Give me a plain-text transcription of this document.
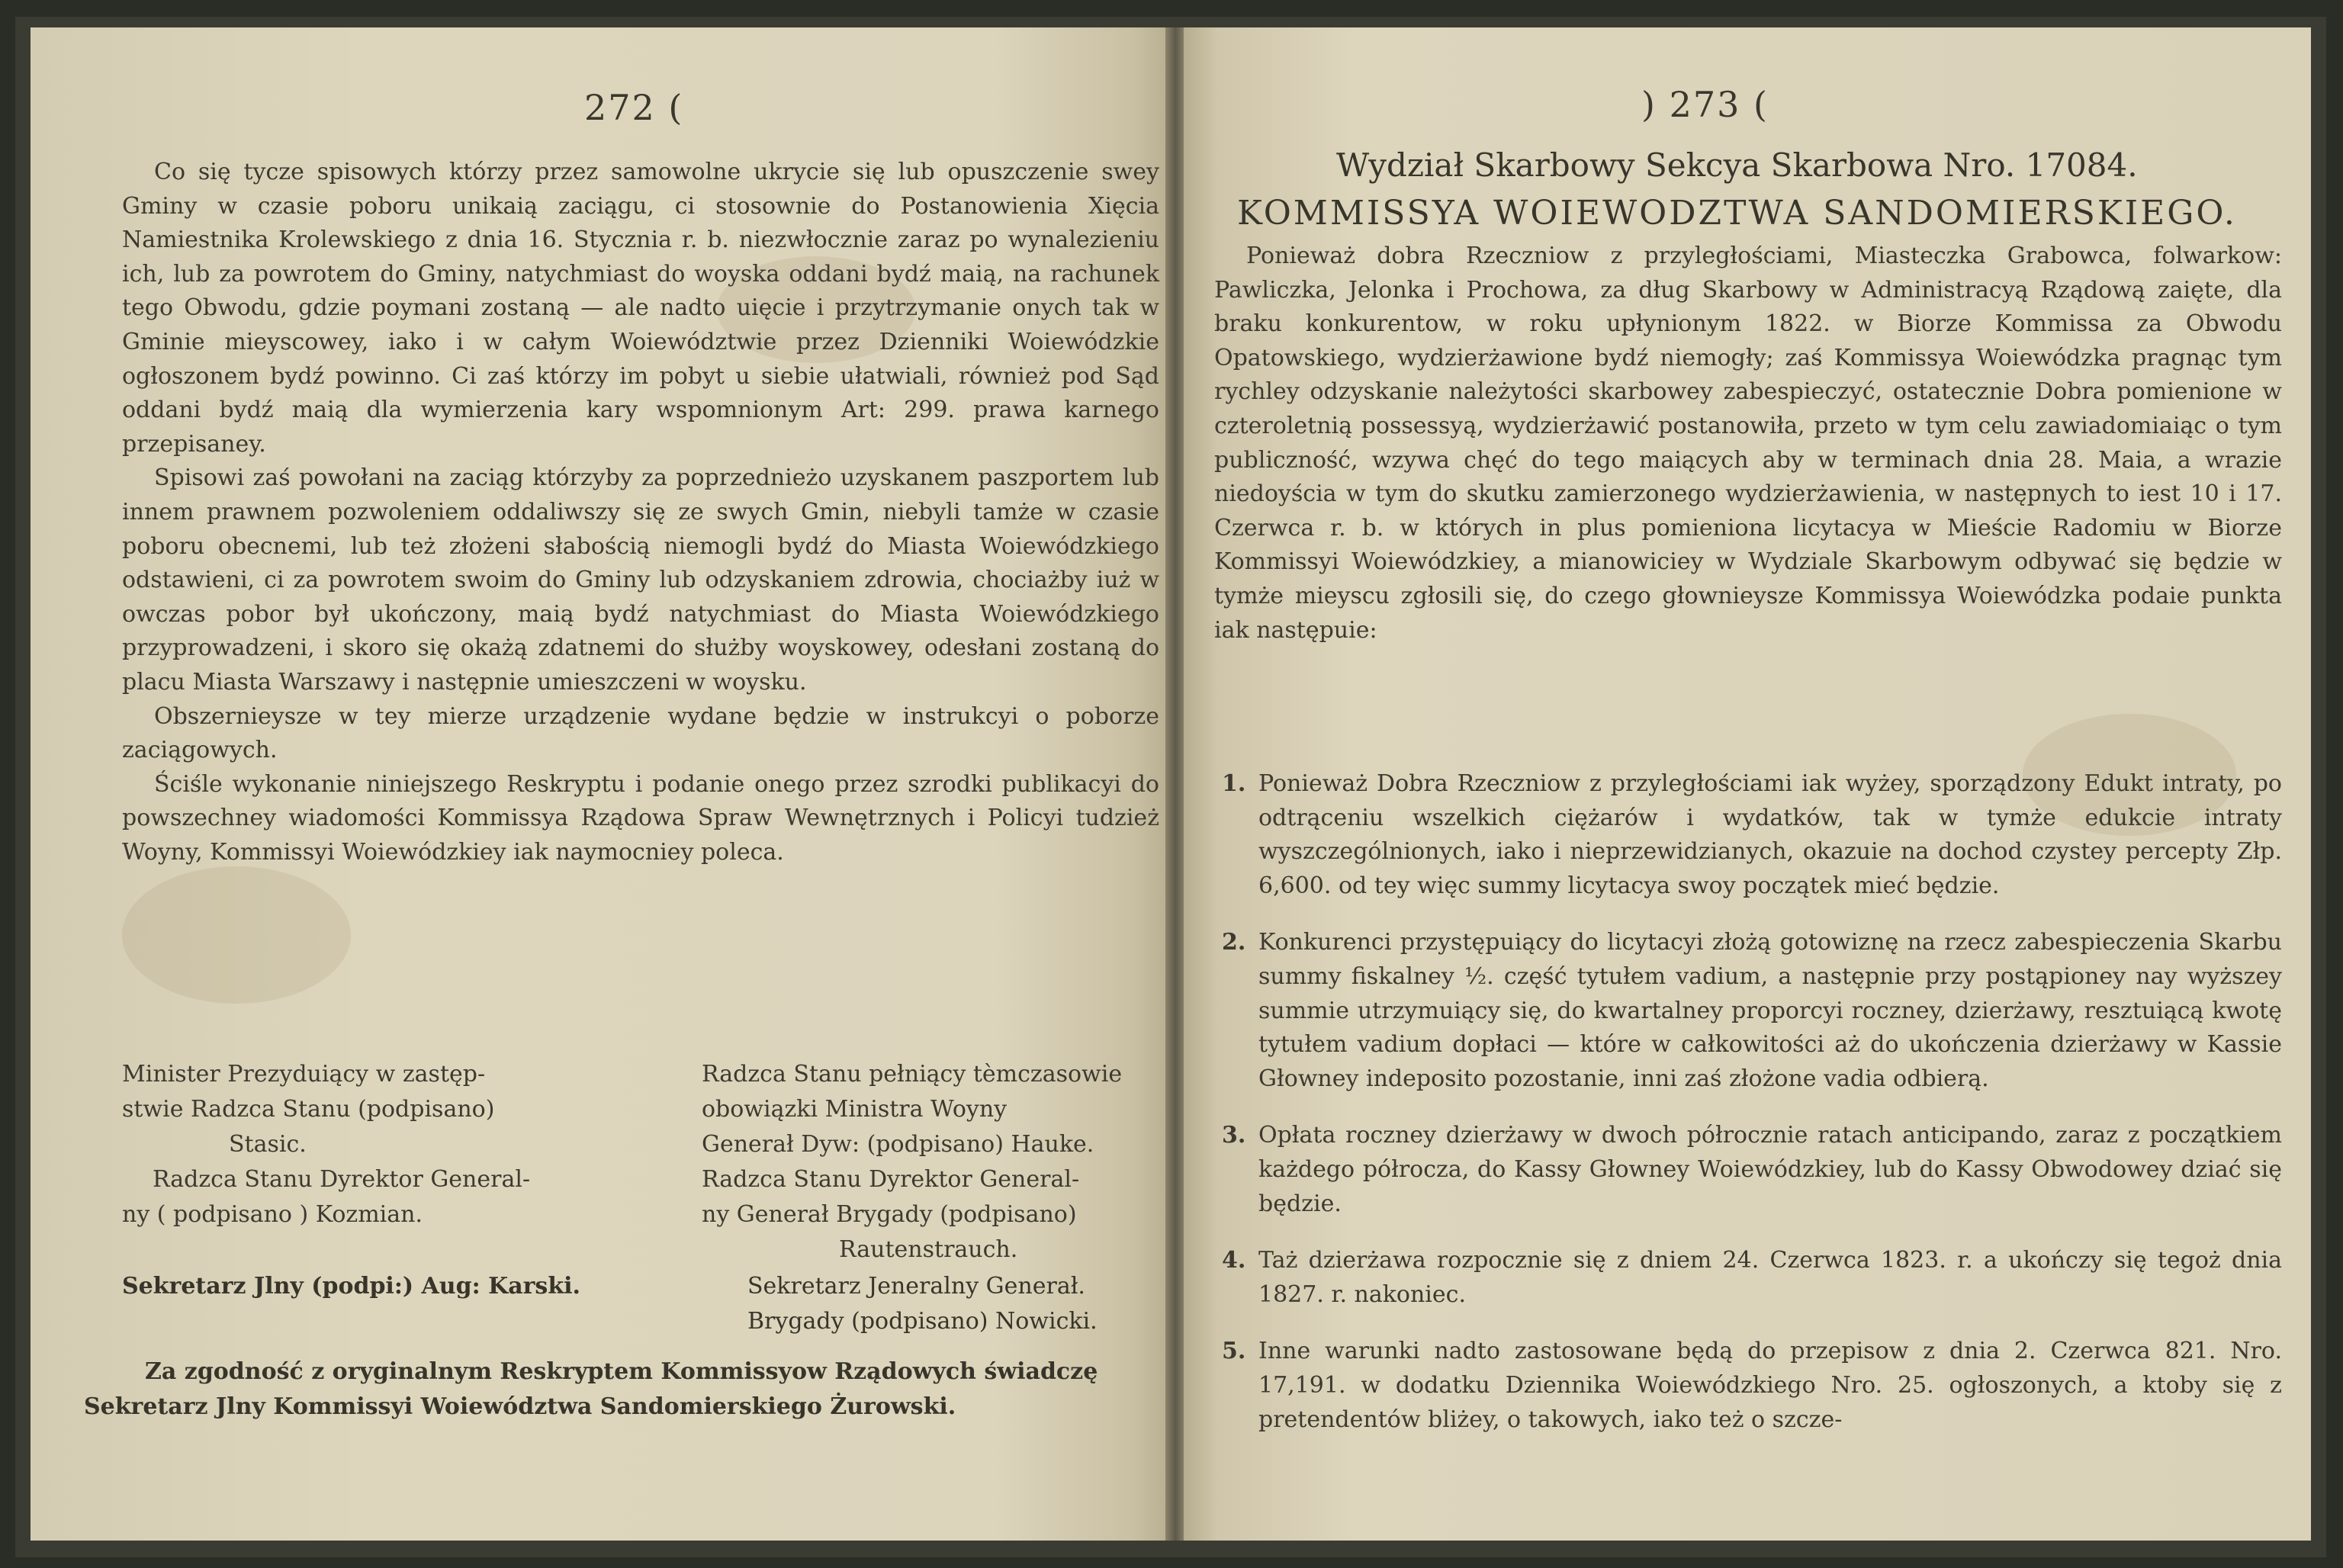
272 (

Co się tycze spisowych którzy przez samowolne ukrycie się lub opuszczenie swey Gminy w czasie poboru unikaią zaciągu, ci stosownie do Postanowienia Xięcia Namiestnika Krolewskiego z dnia 16. Stycznia r. b. niezwłocznie zaraz po wynalezieniu ich, lub za powrotem do Gminy, natychmiast do woyska oddani bydź maią, na rachunek tego Obwodu, gdzie poymani zostaną — ale nadto uięcie i przytrzymanie onych tak w Gminie mieyscowey, iako i w całym Woiewództwie przez Dzienniki Woiewódzkie ogłoszonem bydź powinno. Ci zaś którzy im pobyt u siebie ułatwiali, również pod Sąd oddani bydź maią dla wymierzenia kary wspomnionym Art: 299. prawa karnego przepisaney.

Spisowi zaś powołani na zaciąg którzyby za poprzednieżo uzyskanem paszportem lub innem prawnem pozwoleniem oddaliwszy się ze swych Gmin, niebyli tamże w czasie poboru obecnemi, lub też złożeni słabością niemogli bydź do Miasta Woiewódzkiego odstawieni, ci za powrotem swoim do Gminy lub odzyskaniem zdrowia, chociażby iuż w owczas pobor był ukończony, maią bydź natychmiast do Miasta Woiewódzkiego przyprowadzeni, i skoro się okażą zdatnemi do służby woyskowey, odesłani zostaną do placu Miasta Warszawy i następnie umieszczeni w woysku.

Obszernieysze w tey mierze urządzenie wydane będzie w instrukcyi o poborze zaciągowych.

Ściśle wykonanie niniejszego Reskryptu i podanie onego przez szrodki publikacyi do powszechney wiadomości Kommissya Rządowa Spraw Wewnętrznych i Policyi tudzież Woyny, Kommissyi Woiewódzkiey iak naymocniey poleca.

Minister Prezyduiący w zastęp-
stwie Radzca Stanu (podpisano)
Stasic.
Radzca Stanu Dyrektor General-
ny ( podpisano ) Kozmian.
Radzca Stanu pełniący tèmczasowie obowiązki Ministra Woyny
Generał Dyw: (podpisano) Hauke.
Radzca Stanu Dyrektor General-
ny Generał Brygady (podpisano)
Rautenstrauch.
Sekretarz Jlny (podpi:) Aug: Karski.	Sekretarz Jeneralny Generał.
Brygady (podpisano) Nowicki.
Za zgodność z oryginalnym Reskryptem Kommissyow Rządowych świadczę
Sekretarz Jlny Kommissyi Woiewództwa Sandomierskiego Żurowski.
) 273 (
Wydział Skarbowy Sekcya Skarbowa Nro. 17084.
KOMMISSYA WOIEWODZTWA SANDOMIERSKIEGO.

Ponieważ dobra Rzeczniow z przyległościami, Miasteczka Grabowca, folwarkow: Pawliczka, Jelonka i Prochowa, za dług Skarbowy w Administracyą Rządową zaięte, dla braku konkurentow, w roku upłynionym 1822. w Biorze Kommissa za Obwodu Opatowskiego, wydzierżawione bydź niemogły; zaś Kommissya Woiewódzka pragnąc tym rychley odzyskanie należytości skarbowey zabespieczyć, ostatecznie Dobra pomienione w czteroletnią possessyą, wydzierżawić postanowiła, przeto w tym celu zawiadomiaiąc o tym publiczność, wzywa chęć do tego maiących aby w terminach dnia 28. Maia, a wrazie niedoyścia w tym do skutku zamierzonego wydzierżawienia, w następnych to iest 10 i 17. Czerwca r. b. w których in plus pomieniona licytacya w Mieście Radomiu w Biorze Kommissyi Woiewódzkiey, a mianowiciey w Wydziale Skarbowym odbywać się będzie w tymże mieyscu zgłosili się, do czego głownieysze Kommissya Woiewódzka podaie punkta iak następuie:

1. Ponieważ Dobra Rzeczniow z przyległościami iak wyżey, sporządzony Edukt intraty, po odtrąceniu wszelkich ciężarów i wydatków, tak w tymże edukcie intraty wyszczególnionych, iako i nieprzewidzianych, okazuie na dochod czystey percepty Złp. 6,600. od tey więc summy licytacya swoy początek mieć będzie.

2. Konkurenci przystępuiący do licytacyi złożą gotowiznę na rzecz zabespieczenia Skarbu summy fiskalney ½. część tytułem vadium, a następnie przy postąpioney nay wyższey summie utrzymuiący się, do kwartalney proporcyi roczney, dzierżawy, resztuiącą kwotę tytułem vadium dopłaci — które w całkowitości aż do ukończenia dzierżawy w Kassie Głowney indeposito pozostanie, inni zaś złożone vadia odbierą.

3. Opłata roczney dzierżawy w dwoch półrocznie ratach anticipando, zaraz z początkiem każdego półrocza, do Kassy Głowney Woiewódzkiey, lub do Kassy Obwodowey dziać się będzie.

4. Taż dzierżawa rozpocznie się z dniem 24. Czerwca 1823. r. a ukończy się tegoż dnia 1827. r. nakoniec.

5. Inne warunki nadto zastosowane będą do przepisow z dnia 2. Czerwca 821. Nro. 17,191. w dodatku Dziennika Woiewódzkiego Nro. 25. ogłoszonych, a ktoby się z pretendentów bliżey, o takowych, iako też o szcze-
